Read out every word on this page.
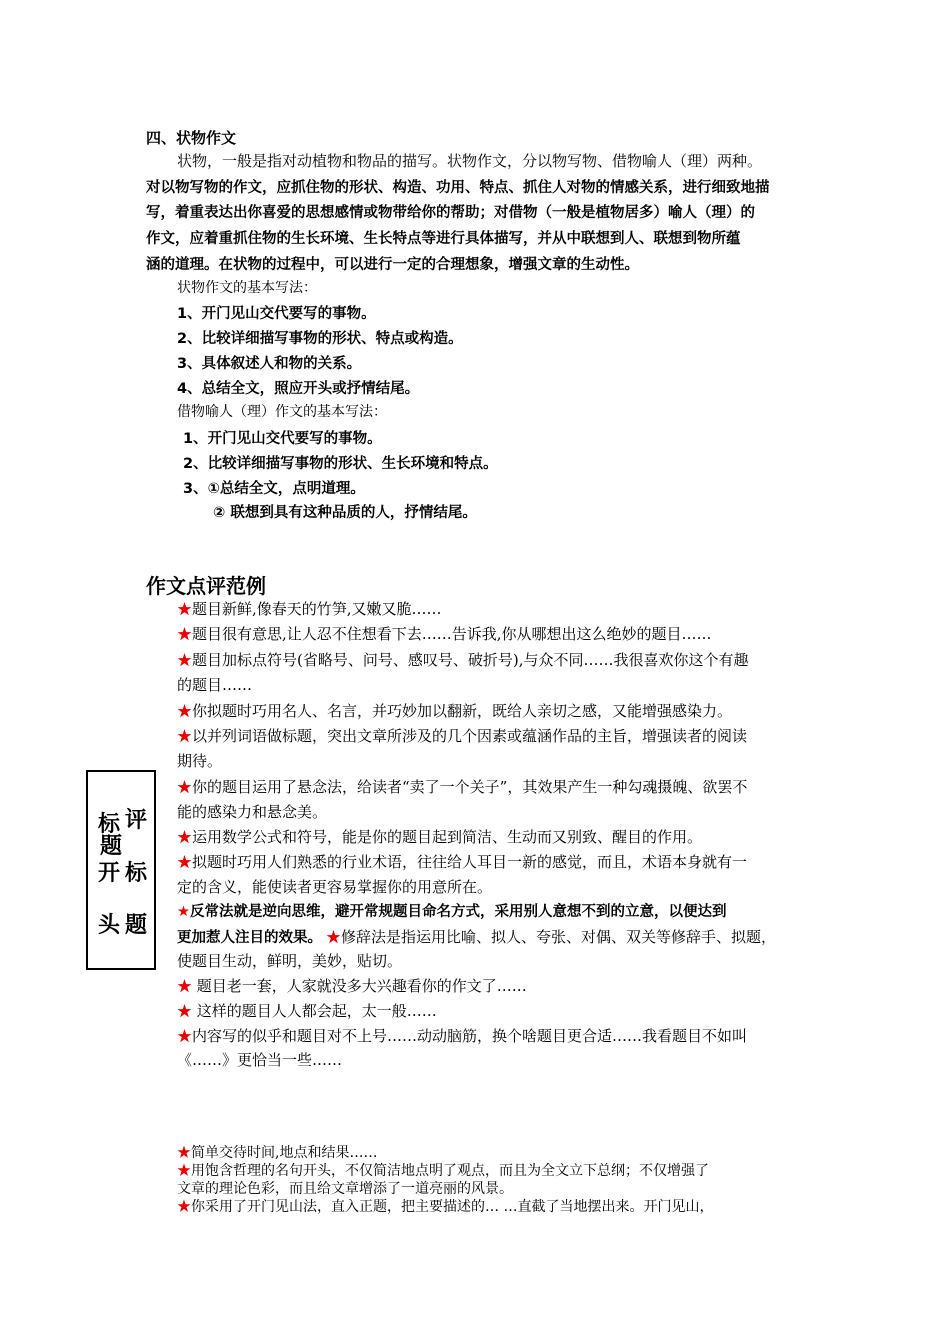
四、状物作文
状物，一般是指对动植物和物品的描写。状物作文，分以物写物、借物喻人（理）两种。
对以物写物的作文，应抓住物的形状、构造、功用、特点、抓住人对物的情感关系，进行细致地描
写，着重表达出你喜爱的思想感情或物带给你的帮助；对借物（一般是植物居多）喻人（理）的
作文，应着重抓住物的生长环境、生长特点等进行具体描写，并从中联想到人、联想到物所蕴
涵的道理。在状物的过程中，可以进行一定的合理想象，增强文章的生动性。
状物作文的基本写法：
1、开门见山交代要写的事物。
2、比较详细描写事物的形状、特点或构造。
3、具体叙述人和物的关系。
4、总结全文，照应开头或抒情结尾。
借物喻人（理）作文的基本写法：
1、开门见山交代要写的事物。
2、比较详细描写事物的形状、生长环境和特点。
3、①总结全文，点明道理。
② 联想到具有这种品质的人，抒情结尾。
作文点评范例
标 评
题
开 标
头 题
★题目新鲜,像春天的竹笋,又嫩又脆……
★题目很有意思,让人忍不住想看下去……告诉我,你从哪想出这么绝妙的题目……
★题目加标点符号(省略号、问号、感叹号、破折号),与众不同……我很喜欢你这个有趣
的题目……
★你拟题时巧用名人、名言，并巧妙加以翻新，既给人亲切之感，又能增强感染力。
★以并列词语做标题，突出文章所涉及的几个因素或蕴涵作品的主旨，增强读者的阅读
期待。
★你的题目运用了悬念法，给读者“卖了一个关子”，其效果产生一种勾魂摄魄、欲罢不
能的感染力和悬念美。
★运用数学公式和符号，能是你的题目起到简洁、生动而又别致、醒目的作用。
★拟题时巧用人们熟悉的行业术语，往往给人耳目一新的感觉，而且，术语本身就有一
定的含义，能使读者更容易掌握你的用意所在。
★反常法就是逆向思维，避开常规题目命名方式，采用别人意想不到的立意，以便达到
更加惹人注目的效果。 ★修辞法是指运用比喻、拟人、夸张、对偶、双关等修辞手、拟题，
使题目生动，鲜明，美妙，贴切。
★ 题目老一套，人家就没多大兴趣看你的作文了……
★ 这样的题目人人都会起，太一般……
★内容写的似乎和题目对不上号……动动脑筋，换个啥题目更合适……我看题目不如叫
《……》更恰当一些……
★简单交待时间,地点和结果……
★用饱含哲理的名句开头，不仅简洁地点明了观点，而且为全文立下总纲；不仅增强了
文章的理论色彩，而且给文章增添了一道亮丽的风景。
★你采用了开门见山法，直入正题，把主要描述的… …直截了当地摆出来。开门见山，
